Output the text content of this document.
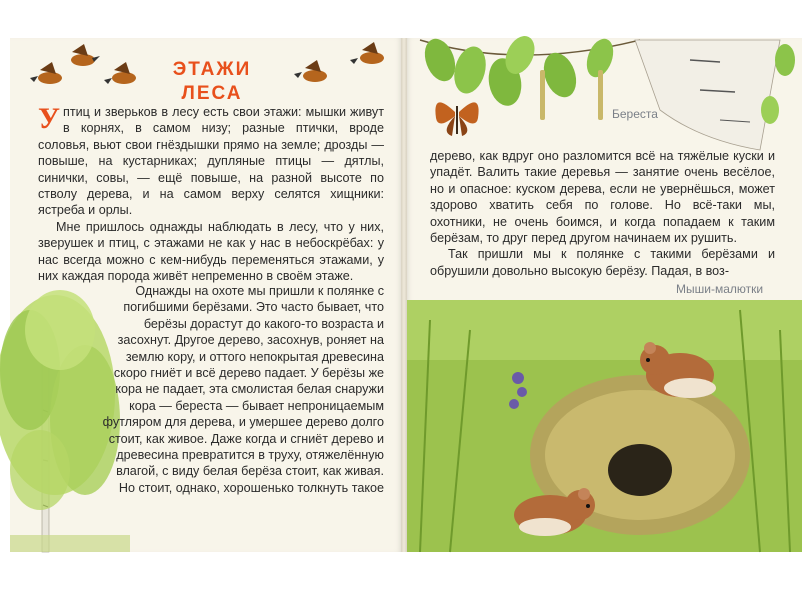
ЭТАЖИ ЛЕСА

Уптиц и зверьков в лесу есть свои этажи: мышки живут в корнях, в самом низу; разные птички, вроде соловья, вьют свои гнёздышки прямо на земле; дрозды — повыше, на кустарниках; дупляные птицы — дятлы, синички, совы, — ещё повыше, на разной высоте по стволу дерева, и на самом верху селятся хищники: ястреба и орлы.

Мне пришлось однажды наблюдать в лесу, что у них, зверушек и птиц, с этажами не как у нас в небоскрёбах: у нас всегда можно с кем-нибудь переменяться этажами, у них каждая порода живёт непременно в своём этаже.

Однажды на охоте мы пришли к полянке с погибшими берёзами. Это часто бывает, что берёзы дорастут до какого-то возраста и засохнут. Другое дерево, засохнув, роняет на землю кору, и оттого непокрытая древесина скоро гниёт и всё дерево падает. У берёзы же кора не падает, эта смолистая белая снаружи кора — береста — бывает непроницаемым футляром для дерева, и умершее дерево долго стоит, как живое. Даже когда и сгниёт дерево и древесина превратится в труху, отяжелённую влагой, с виду белая берёза стоит, как живая. Но стоит, однако, хорошенько толкнуть такое

Береста

дерево, как вдруг оно разломится всё на тяжёлые куски и упадёт. Валить такие деревья — занятие очень весёлое, но и опасное: куском дерева, если не увернёшься, может здорово хватить себя по голове. Но всё-таки мы, охотники, не очень боимся, и когда попадаем к таким берёзам, то друг перед другом начинаем их рушить.

Так пришли мы к полянке с такими берёзами и обрушили довольно высокую берёзу. Падая, в воз-

Мыши-малютки
